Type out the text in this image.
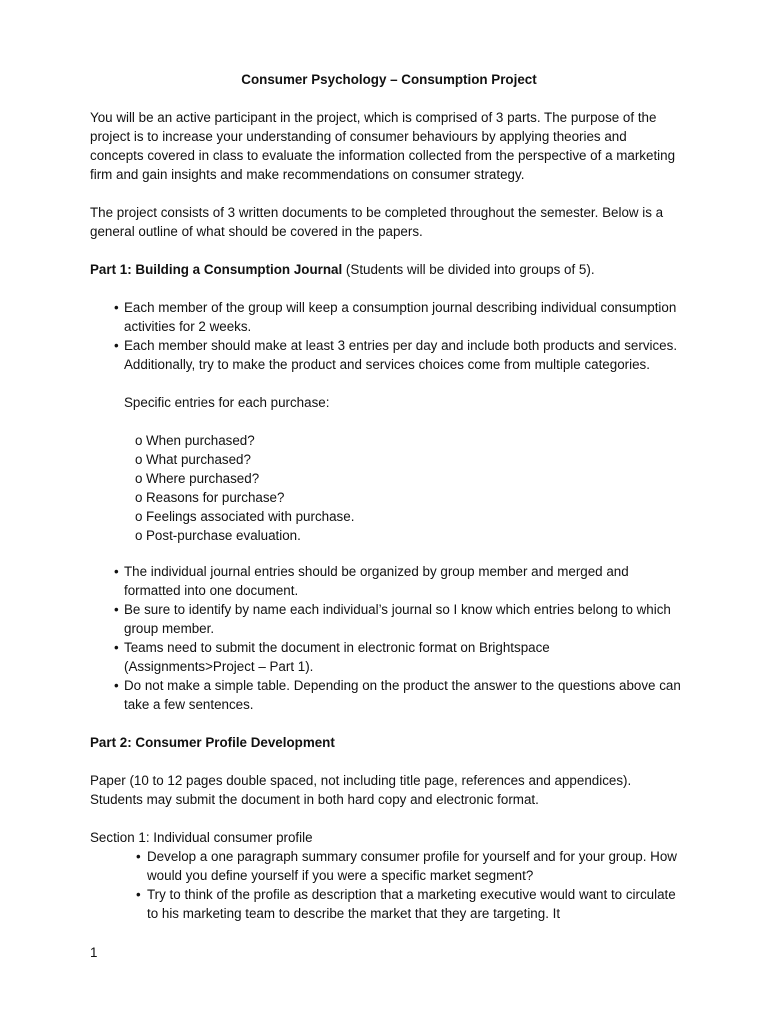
Consumer Psychology – Consumption Project

You will be an active participant in the project, which is comprised of 3 parts. The purpose of the project is to increase your understanding of consumer behaviours by applying theories and concepts covered in class to evaluate the information collected from the perspective of a marketing firm and gain insights and make recommendations on consumer strategy.

The project consists of 3 written documents to be completed throughout the semester. Below is a general outline of what should be covered in the papers.

Part 1: Building a Consumption Journal (Students will be divided into groups of 5).

• Each member of the group will keep a consumption journal describing individual consumption activities for 2 weeks.
• Each member should make at least 3 entries per day and include both products and services. Additionally, try to make the product and services choices come from multiple categories.
Specific entries for each purchase:
o When purchased?
o What purchased?
o Where purchased?
o Reasons for purchase?
o Feelings associated with purchase.
o Post-purchase evaluation.
• The individual journal entries should be organized by group member and merged and formatted into one document.
• Be sure to identify by name each individual’s journal so I know which entries belong to which group member.
• Teams need to submit the document in electronic format on Brightspace (Assignments>Project – Part 1).
• Do not make a simple table. Depending on the product the answer to the questions above can take a few sentences.

Part 2: Consumer Profile Development

Paper (10 to 12 pages double spaced, not including title page, references and appendices). Students may submit the document in both hard copy and electronic format.

Section 1: Individual consumer profile
• Develop a one paragraph summary consumer profile for yourself and for your group. How would you define yourself if you were a specific market segment?
• Try to think of the profile as description that a marketing executive would want to circulate to his marketing team to describe the market that they are targeting. It
1
